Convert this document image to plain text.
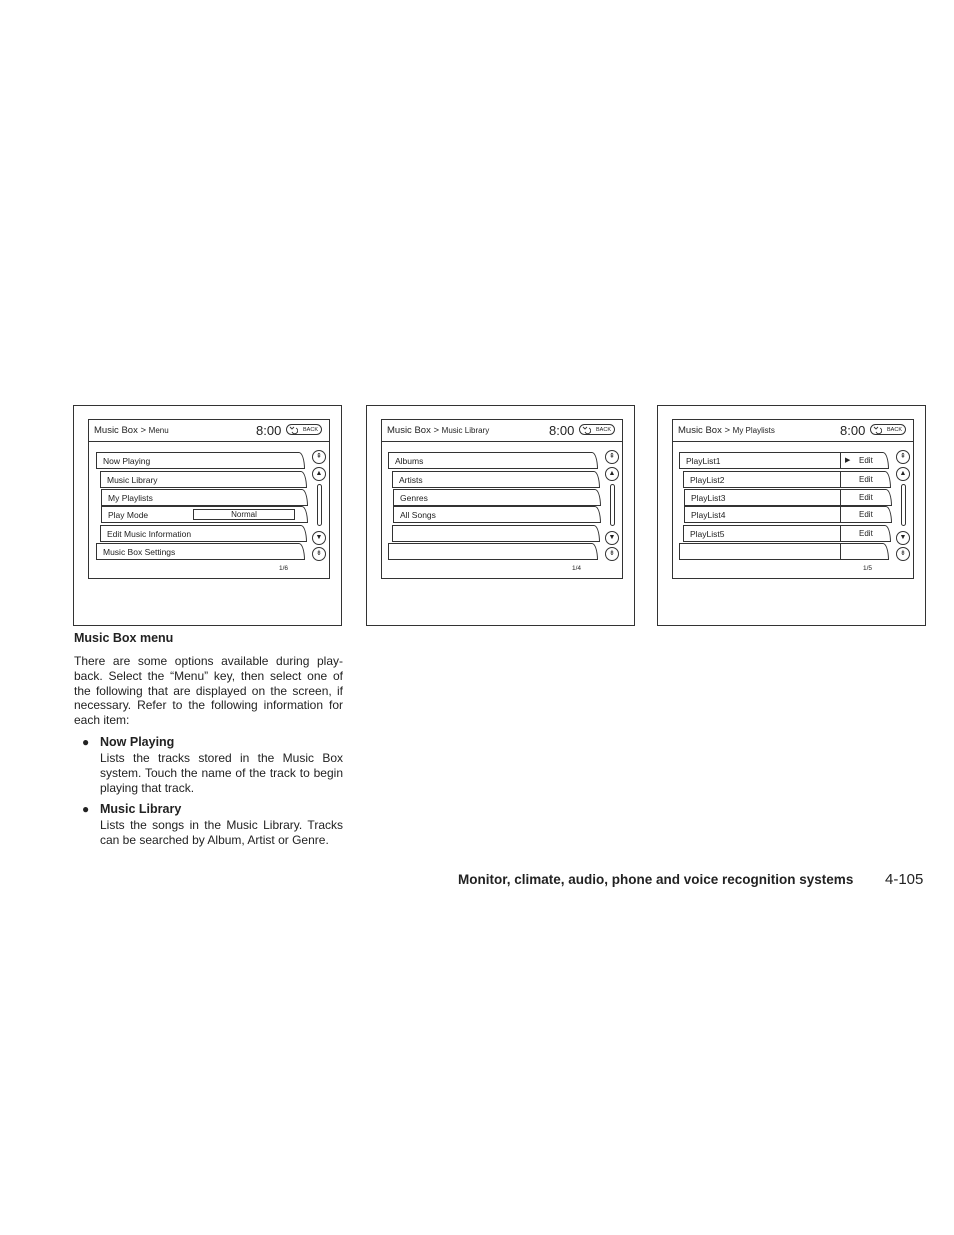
Music Box > Menu	8:00	BACK
Now Playing
Music Library
My Playlists
Play Mode	Normal
Edit Music Information
Music Box Settings
1/6
⇞
▲
▼
⇟
Music Box > Music Library	8:00	BACK
Albums
Artists
Genres
All Songs
1/4
⇞
▲
▼
⇟
Music Box > My Playlists	8:00	BACK
PlayList1	▶ Edit
PlayList2	Edit
PlayList3	Edit
PlayList4	Edit
PlayList5	Edit
1/5
⇞
▲
▼
⇟
Music Box menu

There are some options available during play-back. Select the “Menu” key, then select one of the following that are displayed on the screen, if necessary. Refer to the following information for each item:

● Now Playing

Lists the tracks stored in the Music Box system. Touch the name of the track to begin playing that track.

● Music Library

Lists the songs in the Music Library. Tracks can be searched by Album, Artist or Genre.

Monitor, climate, audio, phone and voice recognition systems 4-105
